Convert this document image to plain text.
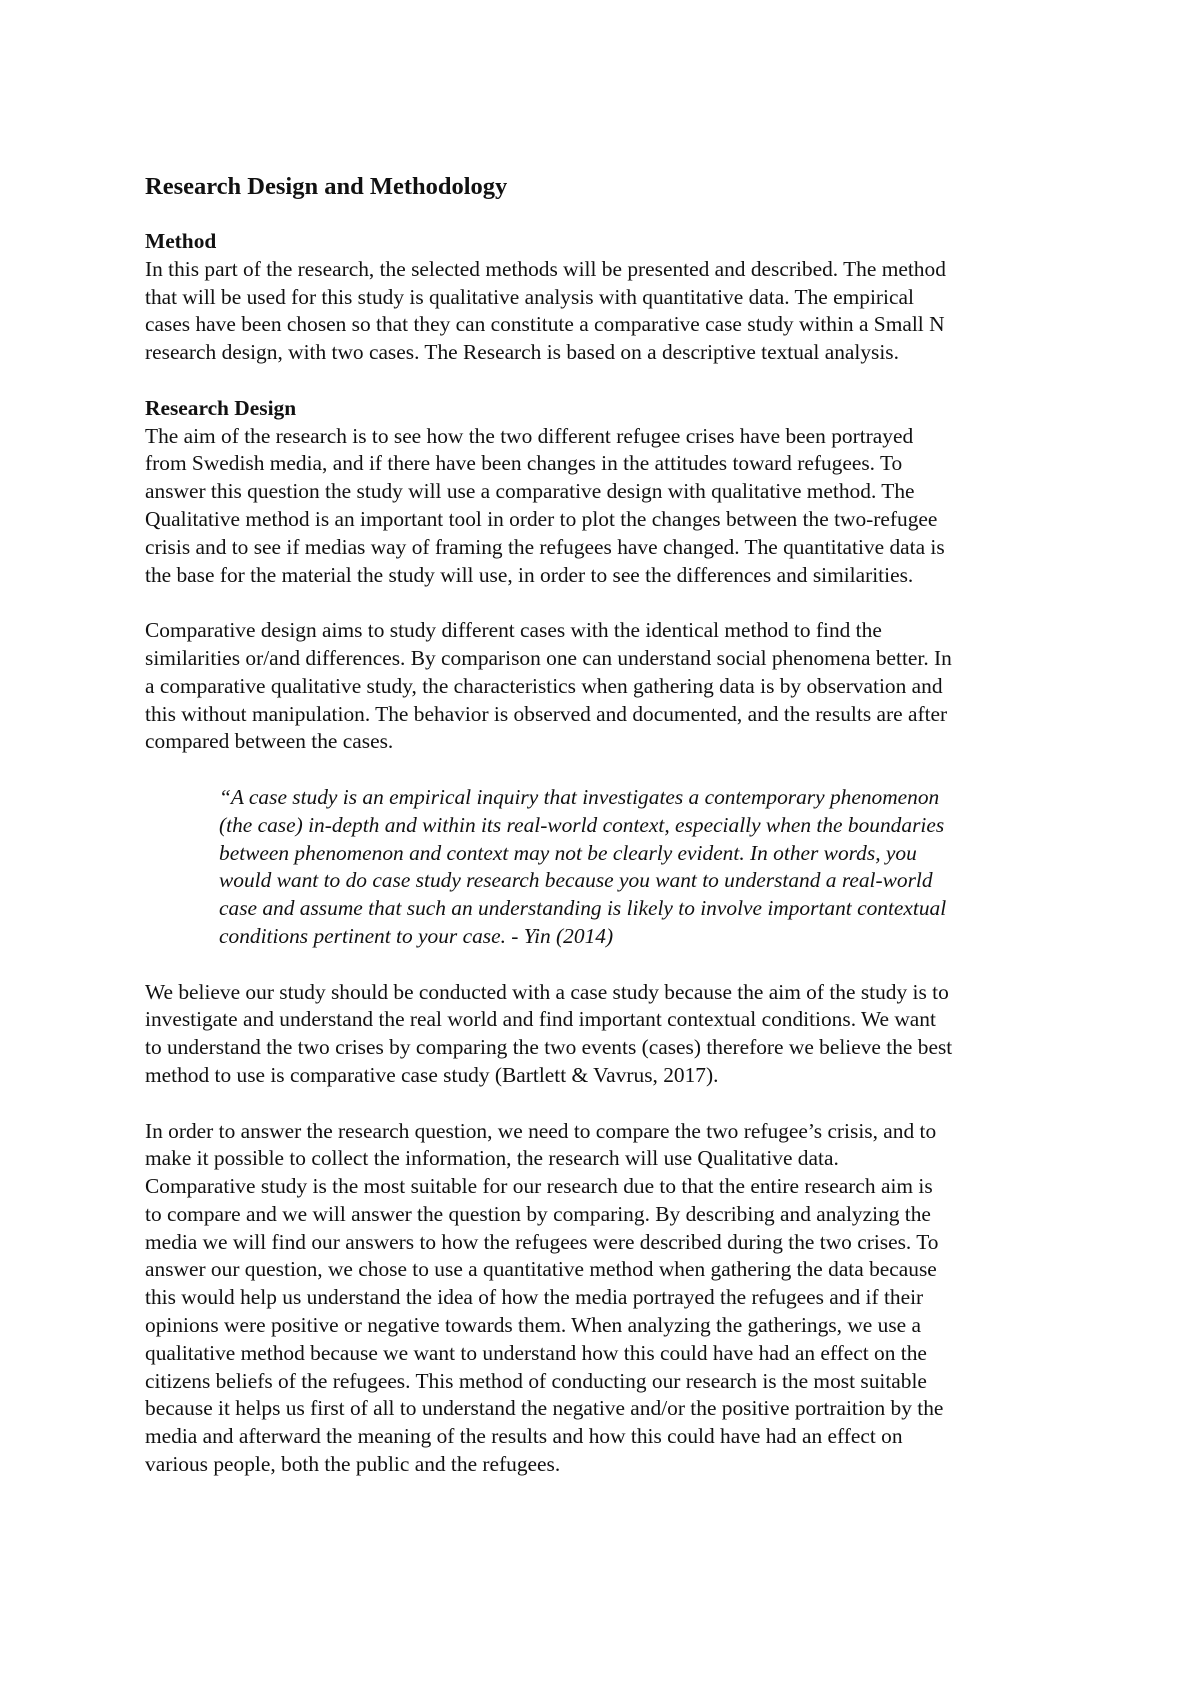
Research Design and Methodology
Method

In this part of the research, the selected methods will be presented and described. The method
that will be used for this study is qualitative analysis with quantitative data. The empirical
cases have been chosen so that they can constitute a comparative case study within a Small N
research design, with two cases. The Research is based on a descriptive textual analysis.

Research Design

The aim of the research is to see how the two different refugee crises have been portrayed
from Swedish media, and if there have been changes in the attitudes toward refugees. To
answer this question the study will use a comparative design with qualitative method. The
Qualitative method is an important tool in order to plot the changes between the two-refugee
crisis and to see if medias way of framing the refugees have changed. The quantitative data is
the base for the material the study will use, in order to see the differences and similarities.

Comparative design aims to study different cases with the identical method to find the
similarities or/and differences. By comparison one can understand social phenomena better. In
a comparative qualitative study, the characteristics when gathering data is by observation and
this without manipulation. The behavior is observed and documented, and the results are after
compared between the cases.

“A case study is an empirical inquiry that investigates a contemporary phenomenon
(the case) in-depth and within its real-world context, especially when the boundaries
between phenomenon and context may not be clearly evident. In other words, you
would want to do case study research because you want to understand a real-world
case and assume that such an understanding is likely to involve important contextual
conditions pertinent to your case. - Yin (2014)

We believe our study should be conducted with a case study because the aim of the study is to
investigate and understand the real world and find important contextual conditions. We want
to understand the two crises by comparing the two events (cases) therefore we believe the best
method to use is comparative case study (Bartlett & Vavrus, 2017).

In order to answer the research question, we need to compare the two refugee’s crisis, and to
make it possible to collect the information, the research will use Qualitative data.
Comparative study is the most suitable for our research due to that the entire research aim is
to compare and we will answer the question by comparing. By describing and analyzing the
media we will find our answers to how the refugees were described during the two crises. To
answer our question, we chose to use a quantitative method when gathering the data because
this would help us understand the idea of how the media portrayed the refugees and if their
opinions were positive or negative towards them. When analyzing the gatherings, we use a
qualitative method because we want to understand how this could have had an effect on the
citizens beliefs of the refugees. This method of conducting our research is the most suitable
because it helps us first of all to understand the negative and/or the positive portraition by the
media and afterward the meaning of the results and how this could have had an effect on
various people, both the public and the refugees.
